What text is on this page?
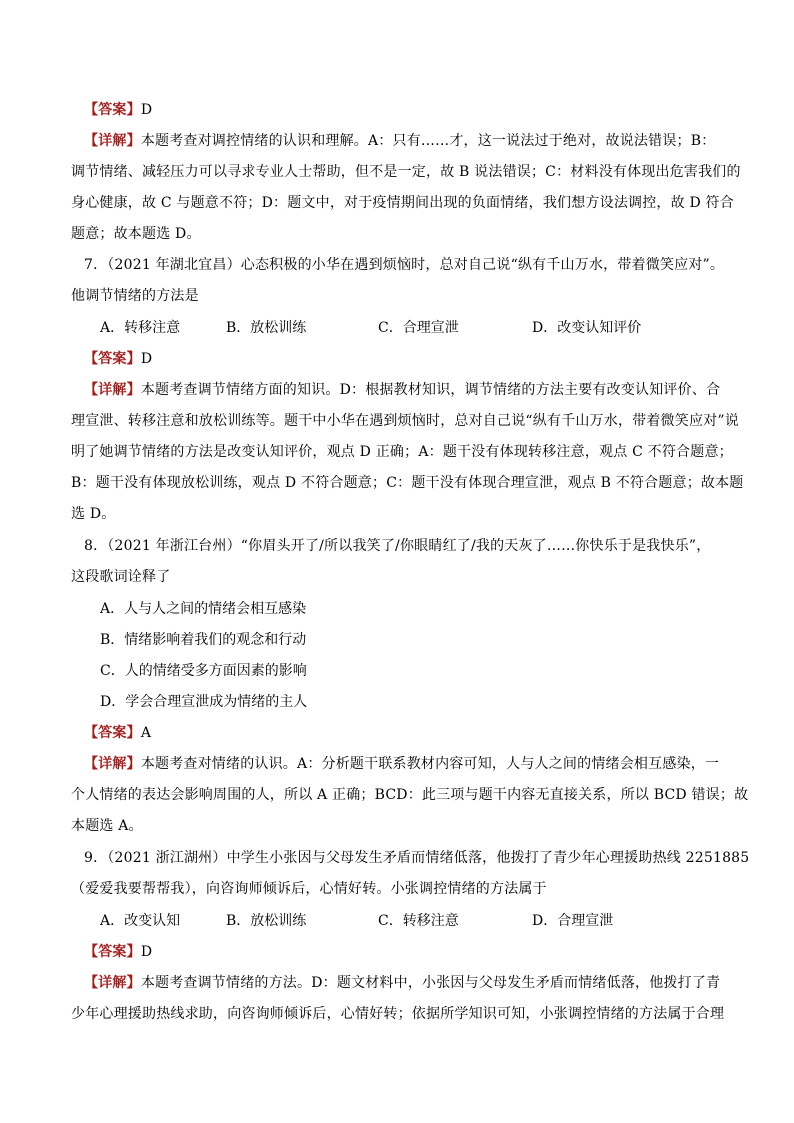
【答案】D
【详解】本题考查对调控情绪的认识和理解。A：只有……才，这一说法过于绝对，故说法错误；B：
调节情绪、减轻压力可以寻求专业人士帮助，但不是一定，故 B 说法错误；C：材料没有体现出危害我们的
身心健康，故 C 与题意不符；D：题文中，对于疫情期间出现的负面情绪，我们想方设法调控，故 D 符合
题意；故本题选 D。
7．（2021 年湖北宜昌）心态积极的小华在遇到烦恼时，总对自己说“纵有千山万水，带着微笑应对”。
他调节情绪的方法是
A．转移注意	B．放松训练	C．合理宣泄	D．改变认知评价
【答案】D
【详解】本题考查调节情绪方面的知识。D：根据教材知识，调节情绪的方法主要有改变认知评价、合
理宣泄、转移注意和放松训练等。题干中小华在遇到烦恼时，总对自己说“纵有千山万水，带着微笑应对”说
明了她调节情绪的方法是改变认知评价，观点 D 正确；A：题干没有体现转移注意，观点 C 不符合题意；
B：题干没有体现放松训练，观点 D 不符合题意；C：题干没有体现合理宣泄，观点 B 不符合题意；故本题
选 D。
8．（2021 年浙江台州）“你眉头开了/所以我笑了/你眼睛红了/我的天灰了……你快乐于是我快乐”，
这段歌词诠释了
A．人与人之间的情绪会相互感染
B．情绪影响着我们的观念和行动
C．人的情绪受多方面因素的影响
D．学会合理宣泄成为情绪的主人
【答案】A
【详解】本题考查对情绪的认识。A：分析题干联系教材内容可知，人与人之间的情绪会相互感染，一
个人情绪的表达会影响周围的人，所以 A 正确；BCD：此三项与题干内容无直接关系，所以 BCD 错误；故
本题选 A。
9．（2021 浙江湖州）中学生小张因与父母发生矛盾而情绪低落，他拨打了青少年心理援助热线 2251885
（爱爱我要帮帮我），向咨询师倾诉后，心情好转。小张调控情绪的方法属于
A．改变认知	B．放松训练	C．转移注意	D．合理宣泄
【答案】D
【详解】本题考查调节情绪的方法。D：题文材料中，小张因与父母发生矛盾而情绪低落，他拨打了青
少年心理援助热线求助，向咨询师倾诉后，心情好转；依据所学知识可知，小张调控情绪的方法属于合理
